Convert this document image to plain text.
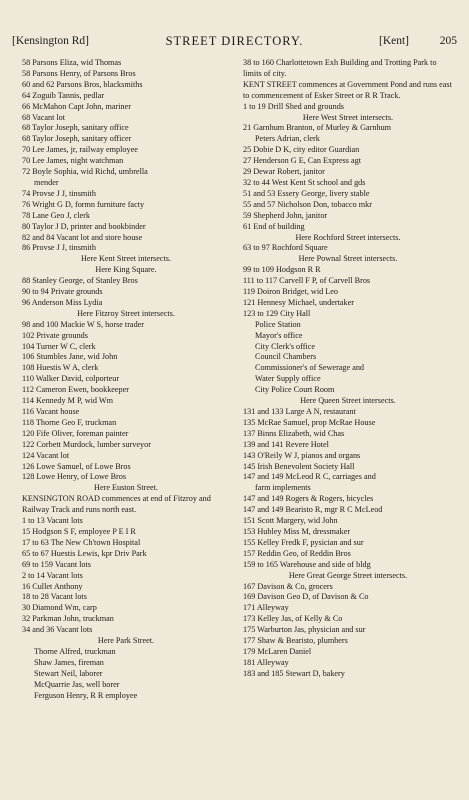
[Kensington Rd]	STREET DIRECTORY.	[Kent]	205
58 Parsons Eliza, wid Thomas
58 Parsons Henry, of Parsons Bros
60 and 62 Parsons Bros, blacksmiths
64 Zoguib Tannis, pedlar
66 McMahon Capt John, mariner
68 Vacant lot
68 Taylor Joseph, sanitary office
68 Taylor Joseph, sanitary officer
70 Lee James, jr, railway employee
70 Lee James, night watchman
72 Boyle Sophia, wid Richd, umbrella
mender
74 Provse J J, tinsmith
76 Wright G D, formn furniture facty
78 Lane Geo J, clerk
80 Taylor J D, printer and bookbinder
82 and 84 Vacant lot and store house
86 Provse J J, tinsmith
Here Kent Street intersects.
Here King Square.
88 Stanley George, of Stanley Bros
90 to 94 Private grounds
96 Anderson Miss Lydia
Here Fitzroy Street intersects.
98 and 100 Mackie W S, horse trader
102 Private grounds
104 Turner W C, clerk
106 Stumbles Jane, wid John
108 Huestis W A, clerk
110 Walker David, colporteur
112 Cameron Ewen, bookkeeper
114 Kennedy M P, wid Wm
116 Vacant house
118 Thorne Geo F, truckman
120 Fife Oliver, foreman painter
122 Corbett Murdock, lumber surveyor
124 Vacant lot
126 Lowe Samuel, of Lowe Bros
128 Lowe Henry, of Lowe Bros
Here Euston Street.
KENSINGTON ROAD commences at end of Fitzroy and Railway Track and runs north east.
1 to 13 Vacant lots
15 Hodgson S F, employee P E I R
17 to 63 The New Ch'town Hospital
65 to 67 Huestis Lewis, kpr Driv Park
69 to 159 Vacant lots
2 to 14 Vacant lots
16 Cullet Anthony
18 to 28 Vacant lots
30 Diamond Wm, carp
32 Parkman John, truckman
34 and 36 Vacant lots
Here Park Street.
Thorne Alfred, truckman
Shaw James, fireman
Stewart Neil, laborer
McQuarrie Jas, well borer
Ferguson Henry, R R employee
38 to 160 Charlottetown Exh Building and Trotting Park to limits of city.
KENT STREET commences at Government Pond and runs east to commencement of Esker Street or R R Track.
1 to 19 Drill Shed and grounds
Here West Street intersects.
21 Garnhum Branton, of Murley & Garnhum
Peters Adrian, clerk
25 Dobie D K, city editor Guardian
27 Henderson G E, Can Express agt
29 Dewar Robert, janitor
32 to 44 West Kent St school and gds
51 and 53 Essery George, livery stable
55 and 57 Nicholson Don, tobacco mkr
59 Shepherd John, janitor
61 End of building
Here Rochford Street intersects.
63 to 97 Rochford Square
Here Pownal Street intersects.
99 to 109 Hodgson R R
111 to 117 Carvell F P, of Carvell Bros
119 Doiron Bridget, wid Leo
121 Hennesy Michael, undertaker
123 to 129 City Hall
Police Station
Mayor's office
City Clerk's office
Council Chambers
Commissioner's of Sewerage and
Water Supply office
City Police Court Room
Here Queen Street intersects.
131 and 133 Large A N, restaurant
135 McRae Samuel, prop McRae House
137 Binns Elizabeth, wid Chas
139 and 141 Revere Hotel
143 O'Reily W J, pianos and organs
145 Irish Benevolent Society Hall
147 and 149 McLeod R C, carriages and
farm implements
147 and 149 Rogers & Rogers, bicycles
147 and 149 Bearisto R, mgr R C McLeod
151 Scott Margery, wid John
153 Hubley Miss M, dressmaker
155 Kelley Fredk F, pysician and sur
157 Reddin Geo, of Reddin Bros
159 to 165 Warehouse and side of bldg
Here Great George Street intersects.
167 Davison & Co, grocers
169 Davison Geo D, of Davison & Co
171 Alleyway
173 Kelley Jas, of Kelly & Co
175 Warburton Jas, physician and sur
177 Shaw & Bearisto, plumbers
179 McLaren Daniel
181 Alleyway
183 and 185 Stewart D, bakery
